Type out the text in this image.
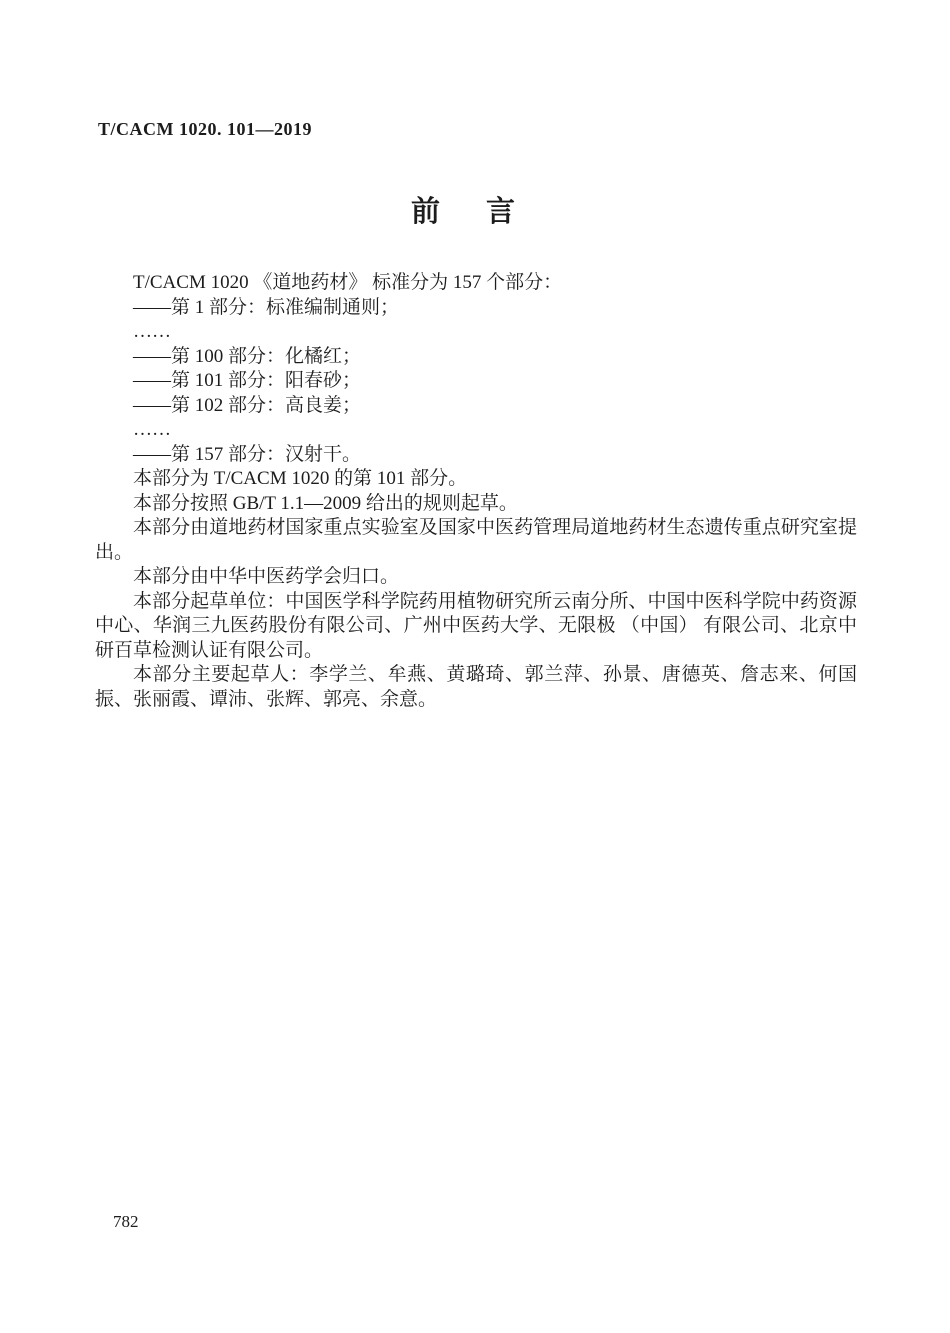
T/CACM 1020. 101—2019
前 言

T/CACM 1020 《道地药材》 标准分为 157 个部分：

——第 1 部分：标准编制通则；

……

——第 100 部分：化橘红；

——第 101 部分：阳春砂；

——第 102 部分：高良姜；

……

——第 157 部分：汉射干。

本部分为 T/CACM 1020 的第 101 部分。

本部分按照 GB/T 1.1—2009 给出的规则起草。

本部分由道地药材国家重点实验室及国家中医药管理局道地药材生态遗传重点研究室提出。

本部分由中华中医药学会归口。

本部分起草单位：中国医学科学院药用植物研究所云南分所、中国中医科学院中药资源中心、华润三九医药股份有限公司、广州中医药大学、无限极 （中国） 有限公司、北京中研百草检测认证有限公司。

本部分主要起草人：李学兰、牟燕、黄璐琦、郭兰萍、孙景、唐德英、詹志来、何国振、张丽霞、谭沛、张辉、郭亮、余意。

782
